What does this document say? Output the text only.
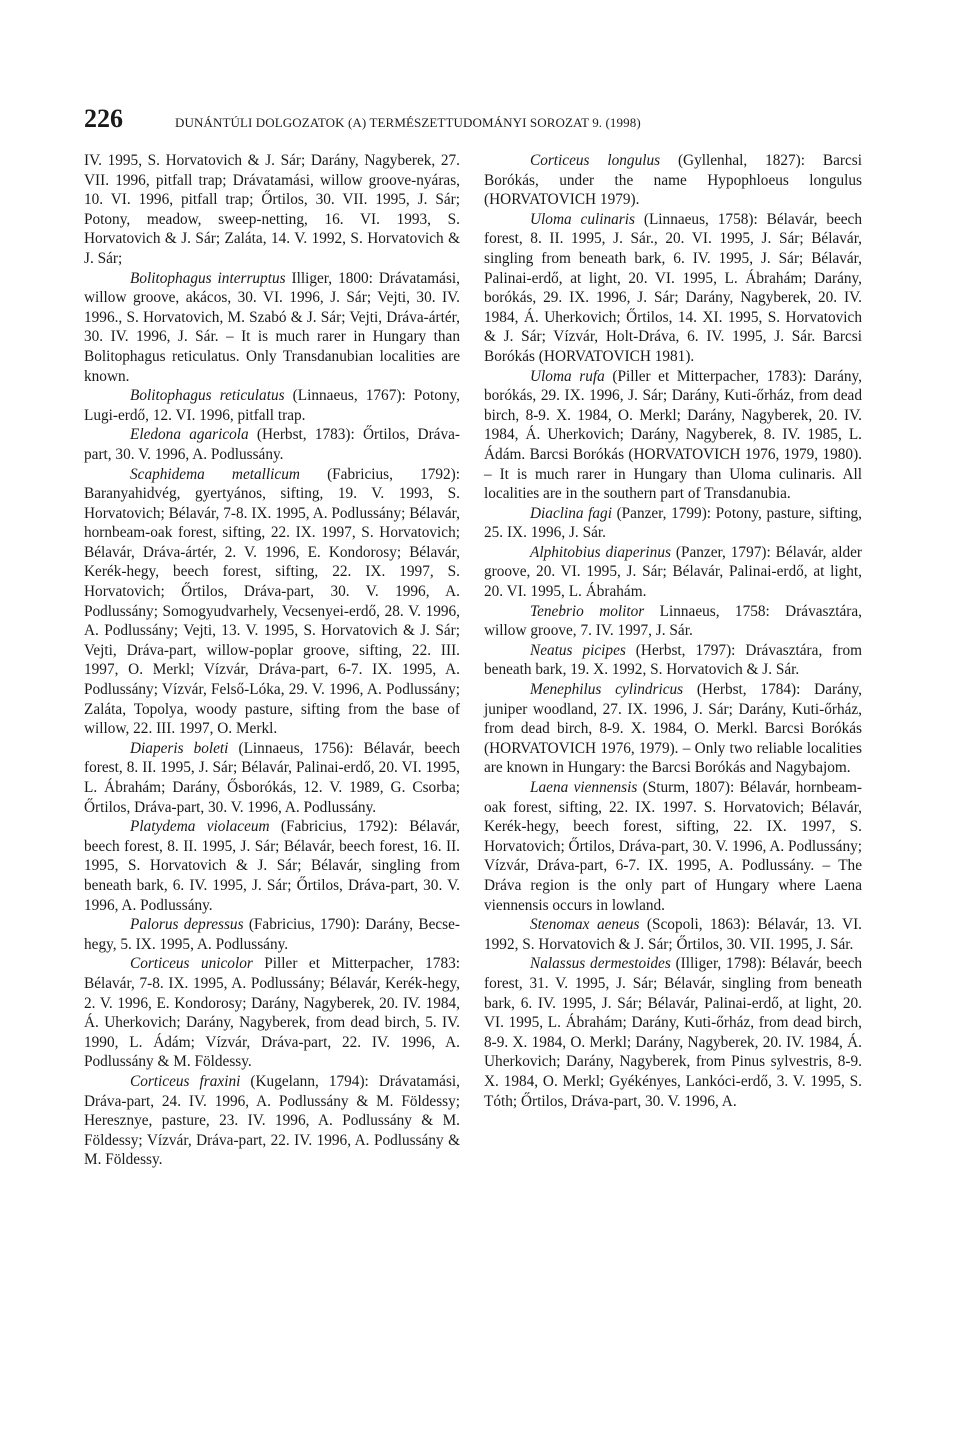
226	DUNÁNTÚLI DOLGOZATOK (A) TERMÉSZETTUDOMÁNYI SOROZAT 9. (1998)

IV. 1995, S. Horvatovich & J. Sár; Darány, Nagyberek, 27. VII. 1996, pitfall trap; Drávatamási, willow groove-nyáras, 10. VI. 1996, pitfall trap; Őrtilos, 30. VII. 1995, J. Sár; Potony, meadow, sweep-netting, 16. VI. 1993, S. Horvatovich & J. Sár; Zaláta, 14. V. 1992, S. Horvatovich & J. Sár;

Bolitophagus interruptus Illiger, 1800: Drávatamási, willow groove, akácos, 30. VI. 1996, J. Sár; Vejti, 30. IV. 1996., S. Horvatovich, M. Szabó & J. Sár; Vejti, Dráva-ártér, 30. IV. 1996, J. Sár. – It is much rarer in Hungary than Bolitophagus reticulatus. Only Transdanubian localities are known.

Bolitophagus reticulatus (Linnaeus, 1767): Potony, Lugi-erdő, 12. VI. 1996, pitfall trap.

Eledona agaricola (Herbst, 1783): Őrtilos, Dráva-part, 30. V. 1996, A. Podlussány.

Scaphidema metallicum (Fabricius, 1792): Baranyahidvég, gyertyános, sifting, 19. V. 1993, S. Horvatovich; Bélavár, 7-8. IX. 1995, A. Podlussány; Bélavár, hornbeam-oak forest, sifting, 22. IX. 1997, S. Horvatovich; Bélavár, Dráva-ártér, 2. V. 1996, E. Kondorosy; Bélavár, Kerék-hegy, beech forest, sifting, 22. IX. 1997, S. Horvatovich; Őrtilos, Dráva-part, 30. V. 1996, A. Podlussány; Somogyudvarhely, Vecsenyei-erdő, 28. V. 1996, A. Podlussány; Vejti, 13. V. 1995, S. Horvatovich & J. Sár; Vejti, Dráva-part, willow-poplar groove, sifting, 22. III. 1997, O. Merkl; Vízvár, Dráva-part, 6-7. IX. 1995, A. Podlussány; Vízvár, Felső-Lóka, 29. V. 1996, A. Podlussány; Zaláta, Topolya, woody pasture, sifting from the base of willow, 22. III. 1997, O. Merkl.

Diaperis boleti (Linnaeus, 1756): Bélavár, beech forest, 8. II. 1995, J. Sár; Bélavár, Palinai-erdő, 20. VI. 1995, L. Ábrahám; Darány, Ősborókás, 12. V. 1989, G. Csorba; Őrtilos, Dráva-part, 30. V. 1996, A. Podlussány.

Platydema violaceum (Fabricius, 1792): Bélavár, beech forest, 8. II. 1995, J. Sár; Bélavár, beech forest, 16. II. 1995, S. Horvatovich & J. Sár; Bélavár, singling from beneath bark, 6. IV. 1995, J. Sár; Őrtilos, Dráva-part, 30. V. 1996, A. Podlussány.

Palorus depressus (Fabricius, 1790): Darány, Becse-hegy, 5. IX. 1995, A. Podlussány.

Corticeus unicolor Piller et Mitterpacher, 1783: Bélavár, 7-8. IX. 1995, A. Podlussány; Bélavár, Kerék-hegy, 2. V. 1996, E. Kondorosy; Darány, Nagyberek, 20. IV. 1984, Á. Uherkovich; Darány, Nagyberek, from dead birch, 5. IV. 1990, L. Ádám; Vízvár, Dráva-part, 22. IV. 1996, A. Podlussány & M. Földessy.

Corticeus fraxini (Kugelann, 1794): Drávatamási, Dráva-part, 24. IV. 1996, A. Podlussány & M. Földessy; Heresznye, pasture, 23. IV. 1996, A. Podlussány & M. Földessy; Vízvár, Dráva-part, 22. IV. 1996, A. Podlussány & M. Földessy.

Corticeus longulus (Gyllenhal, 1827): Barcsi Borókás, under the name Hypophloeus longulus (HORVATOVICH 1979).

Uloma culinaris (Linnaeus, 1758): Bélavár, beech forest, 8. II. 1995, J. Sár., 20. VI. 1995, J. Sár; Bélavár, singling from beneath bark, 6. IV. 1995, J. Sár; Bélavár, Palinai-erdő, at light, 20. VI. 1995, L. Ábrahám; Darány, borókás, 29. IX. 1996, J. Sár; Darány, Nagyberek, 20. IV. 1984, Á. Uherkovich; Őrtilos, 14. XI. 1995, S. Horvatovich & J. Sár; Vízvár, Holt-Dráva, 6. IV. 1995, J. Sár. Barcsi Borókás (HORVATOVICH 1981).

Uloma rufa (Piller et Mitterpacher, 1783): Darány, borókás, 29. IX. 1996, J. Sár; Darány, Kuti-őrház, from dead birch, 8-9. X. 1984, O. Merkl; Darány, Nagyberek, 20. IV. 1984, Á. Uherkovich; Darány, Nagyberek, 8. IV. 1985, L. Ádám. Barcsi Borókás (HORVATOVICH 1976, 1979, 1980). – It is much rarer in Hungary than Uloma culinaris. All localities are in the southern part of Transdanubia.

Diaclina fagi (Panzer, 1799): Potony, pasture, sifting, 25. IX. 1996, J. Sár.

Alphitobius diaperinus (Panzer, 1797): Bélavár, alder groove, 20. VI. 1995, J. Sár; Bélavár, Palinai-erdő, at light, 20. VI. 1995, L. Ábrahám.

Tenebrio molitor Linnaeus, 1758: Drávasztára, willow groove, 7. IV. 1997, J. Sár.

Neatus picipes (Herbst, 1797): Drávasztára, from beneath bark, 19. X. 1992, S. Horvatovich & J. Sár.

Menephilus cylindricus (Herbst, 1784): Darány, juniper woodland, 27. IX. 1996, J. Sár; Darány, Kuti-őrház, from dead birch, 8-9. X. 1984, O. Merkl. Barcsi Borókás (HORVATOVICH 1976, 1979). – Only two reliable localities are known in Hungary: the Barcsi Borókás and Nagybajom.

Laena viennensis (Sturm, 1807): Bélavár, hornbeam-oak forest, sifting, 22. IX. 1997. S. Horvatovich; Bélavár, Kerék-hegy, beech forest, sifting, 22. IX. 1997, S. Horvatovich; Őrtilos, Dráva-part, 30. V. 1996, A. Podlussány; Vízvár, Dráva-part, 6-7. IX. 1995, A. Podlussány. – The Dráva region is the only part of Hungary where Laena viennensis occurs in lowland.

Stenomax aeneus (Scopoli, 1863): Bélavár, 13. VI. 1992, S. Horvatovich & J. Sár; Őrtilos, 30. VII. 1995, J. Sár.

Nalassus dermestoides (Illiger, 1798): Bélavár, beech forest, 31. V. 1995, J. Sár; Bélavár, singling from beneath bark, 6. IV. 1995, J. Sár; Bélavár, Palinai-erdő, at light, 20. VI. 1995, L. Ábrahám; Darány, Kuti-őrház, from dead birch, 8-9. X. 1984, O. Merkl; Darány, Nagyberek, 20. IV. 1984, Á. Uherkovich; Darány, Nagyberek, from Pinus sylvestris, 8-9. X. 1984, O. Merkl; Gyékényes, Lankóci-erdő, 3. V. 1995, S. Tóth; Őrtilos, Dráva-part, 30. V. 1996, A.
